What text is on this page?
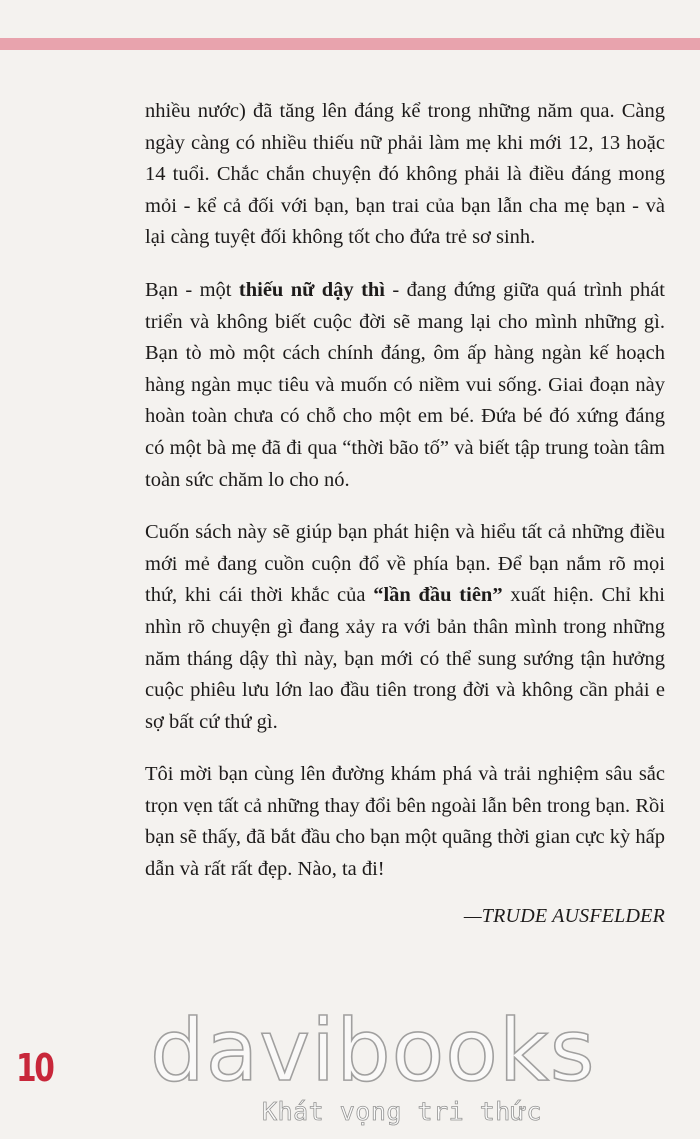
nhiều nước) đã tăng lên đáng kể trong những năm qua. Càng ngày càng có nhiều thiếu nữ phải làm mẹ khi mới 12, 13 hoặc 14 tuổi. Chắc chắn chuyện đó không phải là điều đáng mong mỏi - kể cả đối với bạn, bạn trai của bạn lẫn cha mẹ bạn - và lại càng tuyệt đối không tốt cho đứa trẻ sơ sinh.

Bạn - một thiếu nữ dậy thì - đang đứng giữa quá trình phát triển và không biết cuộc đời sẽ mang lại cho mình những gì. Bạn tò mò một cách chính đáng, ôm ấp hàng ngàn kế hoạch hàng ngàn mục tiêu và muốn có niềm vui sống. Giai đoạn này hoàn toàn chưa có chỗ cho một em bé. Đứa bé đó xứng đáng có một bà mẹ đã đi qua “thời bão tố” và biết tập trung toàn tâm toàn sức chăm lo cho nó.

Cuốn sách này sẽ giúp bạn phát hiện và hiểu tất cả những điều mới mẻ đang cuồn cuộn đổ về phía bạn. Để bạn nắm rõ mọi thứ, khi cái thời khắc của “lần đầu tiên” xuất hiện. Chỉ khi nhìn rõ chuyện gì đang xảy ra với bản thân mình trong những năm tháng dậy thì này, bạn mới có thể sung sướng tận hưởng cuộc phiêu lưu lớn lao đầu tiên trong đời và không cần phải e sợ bất cứ thứ gì.

Tôi mời bạn cùng lên đường khám phá và trải nghiệm sâu sắc trọn vẹn tất cả những thay đổi bên ngoài lẫn bên trong bạn. Rồi bạn sẽ thấy, đã bắt đầu cho bạn một quãng thời gian cực kỳ hấp dẫn và rất rất đẹp. Nào, ta đi!

—TRUDE AUSFELDER

10 davibooks
Khát vọng tri thức
